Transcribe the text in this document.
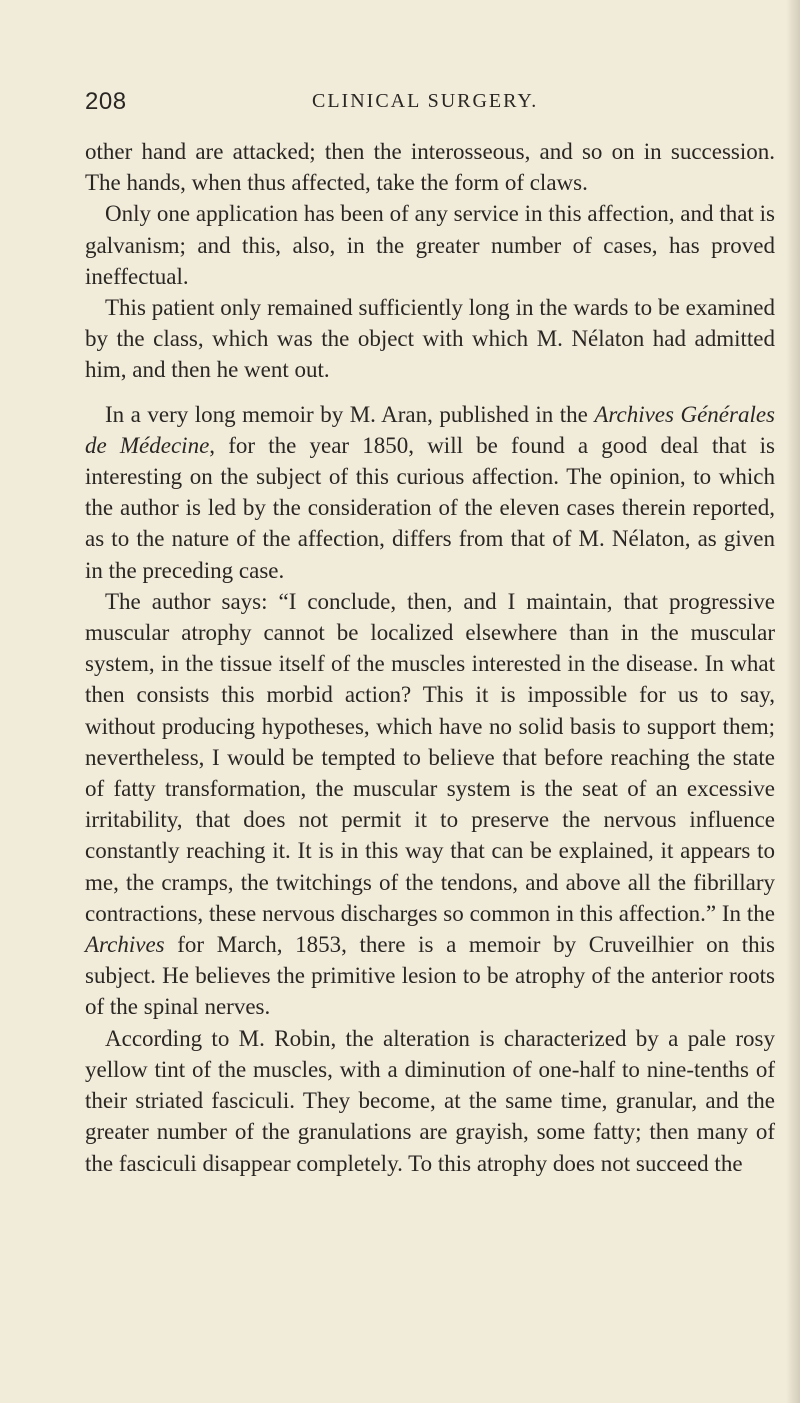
208	CLINICAL SURGERY.

other hand are attacked; then the interosseous, and so on in succession. The hands, when thus affected, take the form of claws.

Only one application has been of any service in this affection, and that is galvanism; and this, also, in the greater number of cases, has proved ineffectual.

This patient only remained sufficiently long in the wards to be examined by the class, which was the object with which M. Nélaton had admitted him, and then he went out.

In a very long memoir by M. Aran, published in the Archives Générales de Médecine, for the year 1850, will be found a good deal that is interesting on the subject of this curious affection. The opinion, to which the author is led by the consideration of the eleven cases therein reported, as to the nature of the affection, differs from that of M. Nélaton, as given in the preceding case.

The author says: “I conclude, then, and I maintain, that progressive muscular atrophy cannot be localized elsewhere than in the muscular system, in the tissue itself of the muscles interested in the disease. In what then consists this morbid action? This it is impossible for us to say, without producing hypotheses, which have no solid basis to support them; nevertheless, I would be tempted to believe that before reaching the state of fatty transformation, the muscular system is the seat of an excessive irritability, that does not permit it to preserve the nervous influence constantly reaching it. It is in this way that can be explained, it appears to me, the cramps, the twitchings of the tendons, and above all the fibrillary contractions, these nervous discharges so common in this affection.” In the Archives for March, 1853, there is a memoir by Cruveilhier on this subject. He believes the primitive lesion to be atrophy of the anterior roots of the spinal nerves.

According to M. Robin, the alteration is characterized by a pale rosy yellow tint of the muscles, with a diminution of one-half to nine-tenths of their striated fasciculi. They become, at the same time, granular, and the greater number of the granulations are grayish, some fatty; then many of the fasciculi disappear completely. To this atrophy does not succeed the
